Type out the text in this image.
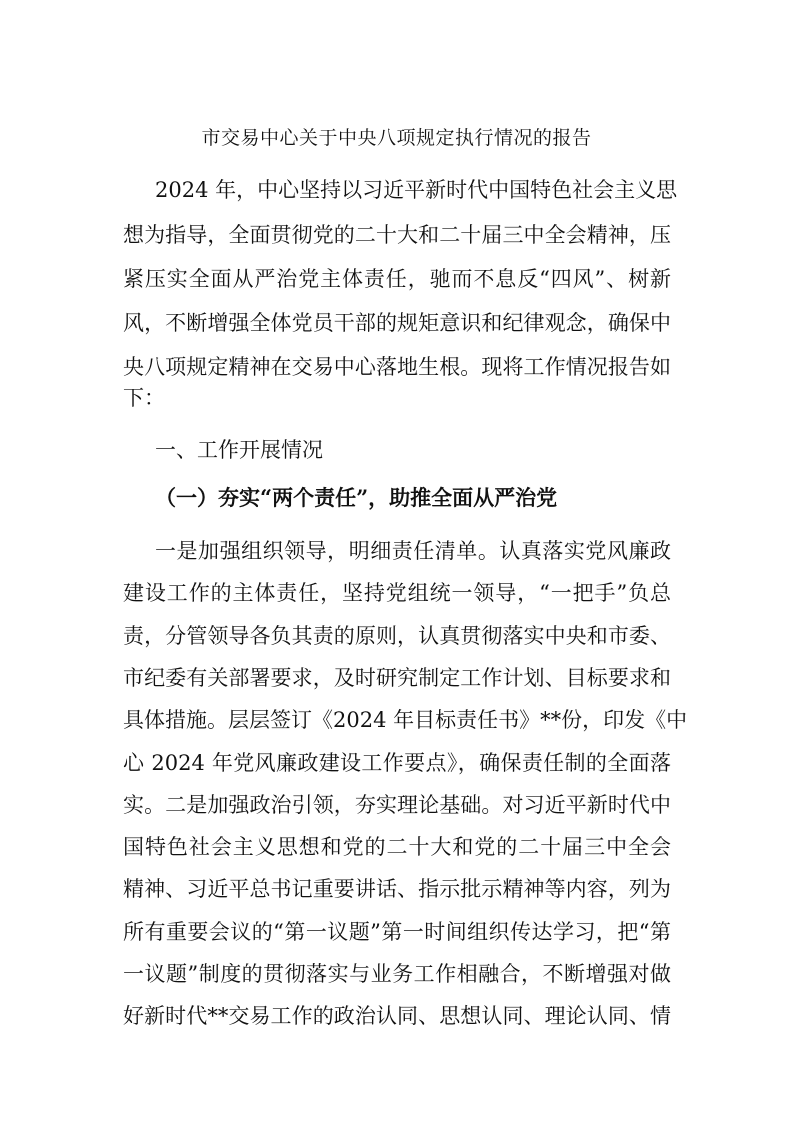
市交易中心关于中央八项规定执行情况的报告
2024 年，中心坚持以习近平新时代中国特色社会主义思
想为指导，全面贯彻党的二十大和二十届三中全会精神，压
紧压实全面从严治党主体责任，驰而不息反“四风”、树新
风，不断增强全体党员干部的规矩意识和纪律观念，确保中
央八项规定精神在交易中心落地生根。现将工作情况报告如
下：
一、工作开展情况
（一）夯实“两个责任”，助推全面从严治党
一是加强组织领导，明细责任清单。认真落实党风廉政
建设工作的主体责任，坚持党组统一领导，“一把手”负总
责，分管领导各负其责的原则，认真贯彻落实中央和市委、
市纪委有关部署要求，及时研究制定工作计划、目标要求和
具体措施。层层签订《2024 年目标责任书》**份，印发《中
心 2024 年党风廉政建设工作要点》，确保责任制的全面落
实。二是加强政治引领，夯实理论基础。对习近平新时代中
国特色社会主义思想和党的二十大和党的二十届三中全会
精神、习近平总书记重要讲话、指示批示精神等内容，列为
所有重要会议的“第一议题”第一时间组织传达学习，把“第
一议题”制度的贯彻落实与业务工作相融合，不断增强对做
好新时代**交易工作的政治认同、思想认同、理论认同、情
